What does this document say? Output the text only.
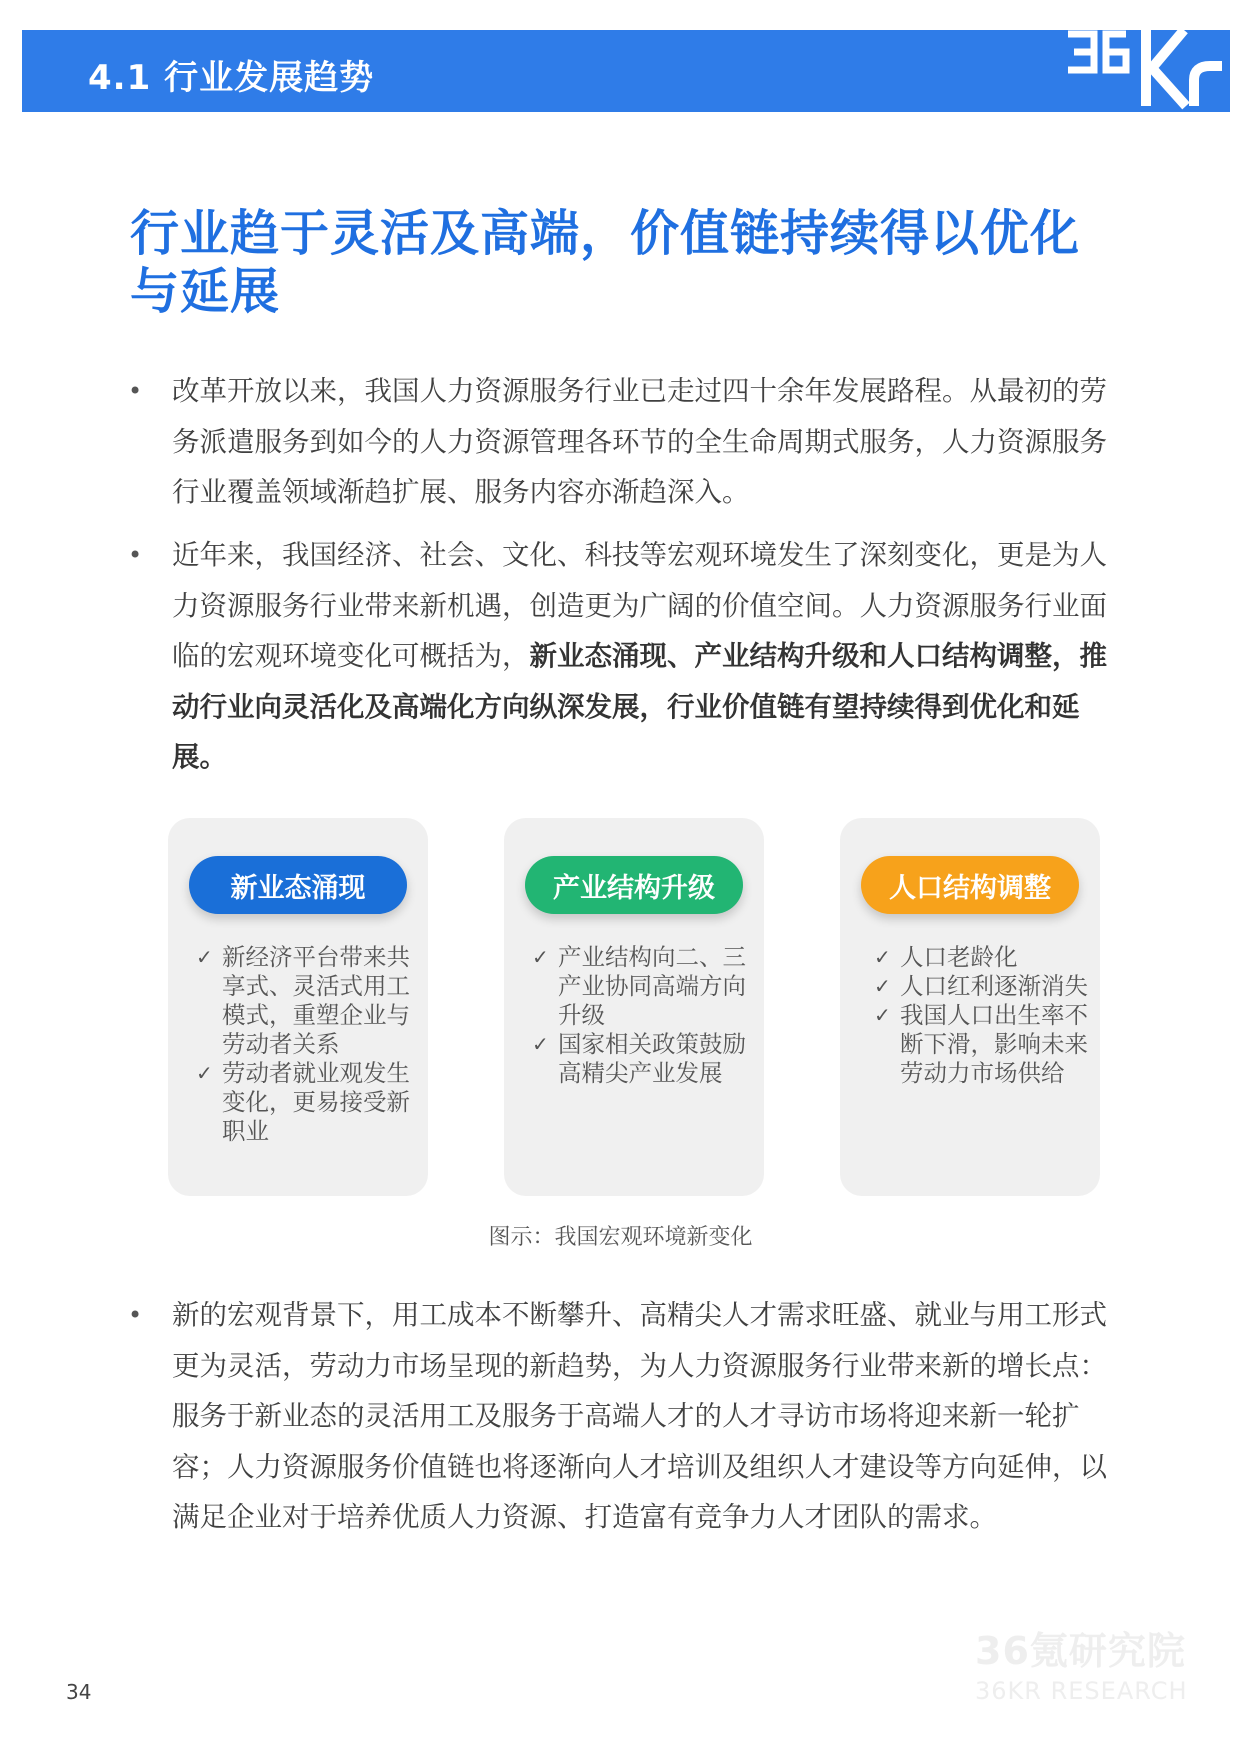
4.1 行业发展趋势
行业趋于灵活及高端，价值链持续得以优化与延展
• 改革开放以来，我国人力资源服务行业已走过四十余年发展路程。从最初的劳务派遣服务到如今的人力资源管理各环节的全生命周期式服务，人力资源服务行业覆盖领域渐趋扩展、服务内容亦渐趋深入。
• 近年来，我国经济、社会、文化、科技等宏观环境发生了深刻变化，更是为人力资源服务行业带来新机遇，创造更为广阔的价值空间。人力资源服务行业面临的宏观环境变化可概括为，新业态涌现、产业结构升级和人口结构调整，推动行业向灵活化及高端化方向纵深发展，行业价值链有望持续得到优化和延展。
新业态涌现
✓ 新经济平台带来共享式、灵活式用工模式，重塑企业与劳动者关系
✓ 劳动者就业观发生变化，更易接受新职业
产业结构升级
✓ 产业结构向二、三产业协同高端方向升级
✓ 国家相关政策鼓励高精尖产业发展
人口结构调整
✓ 人口老龄化
✓ 人口红利逐渐消失
✓ 我国人口出生率不断下滑，影响未来劳动力市场供给
图示：我国宏观环境新变化
• 新的宏观背景下，用工成本不断攀升、高精尖人才需求旺盛、就业与用工形式更为灵活，劳动力市场呈现的新趋势，为人力资源服务行业带来新的增长点：服务于新业态的灵活用工及服务于高端人才的人才寻访市场将迎来新一轮扩容；人力资源服务价值链也将逐渐向人才培训及组织人才建设等方向延伸，以满足企业对于培养优质人力资源、打造富有竞争力人才团队的需求。
36氪研究院
36KR RESEARCH
34
